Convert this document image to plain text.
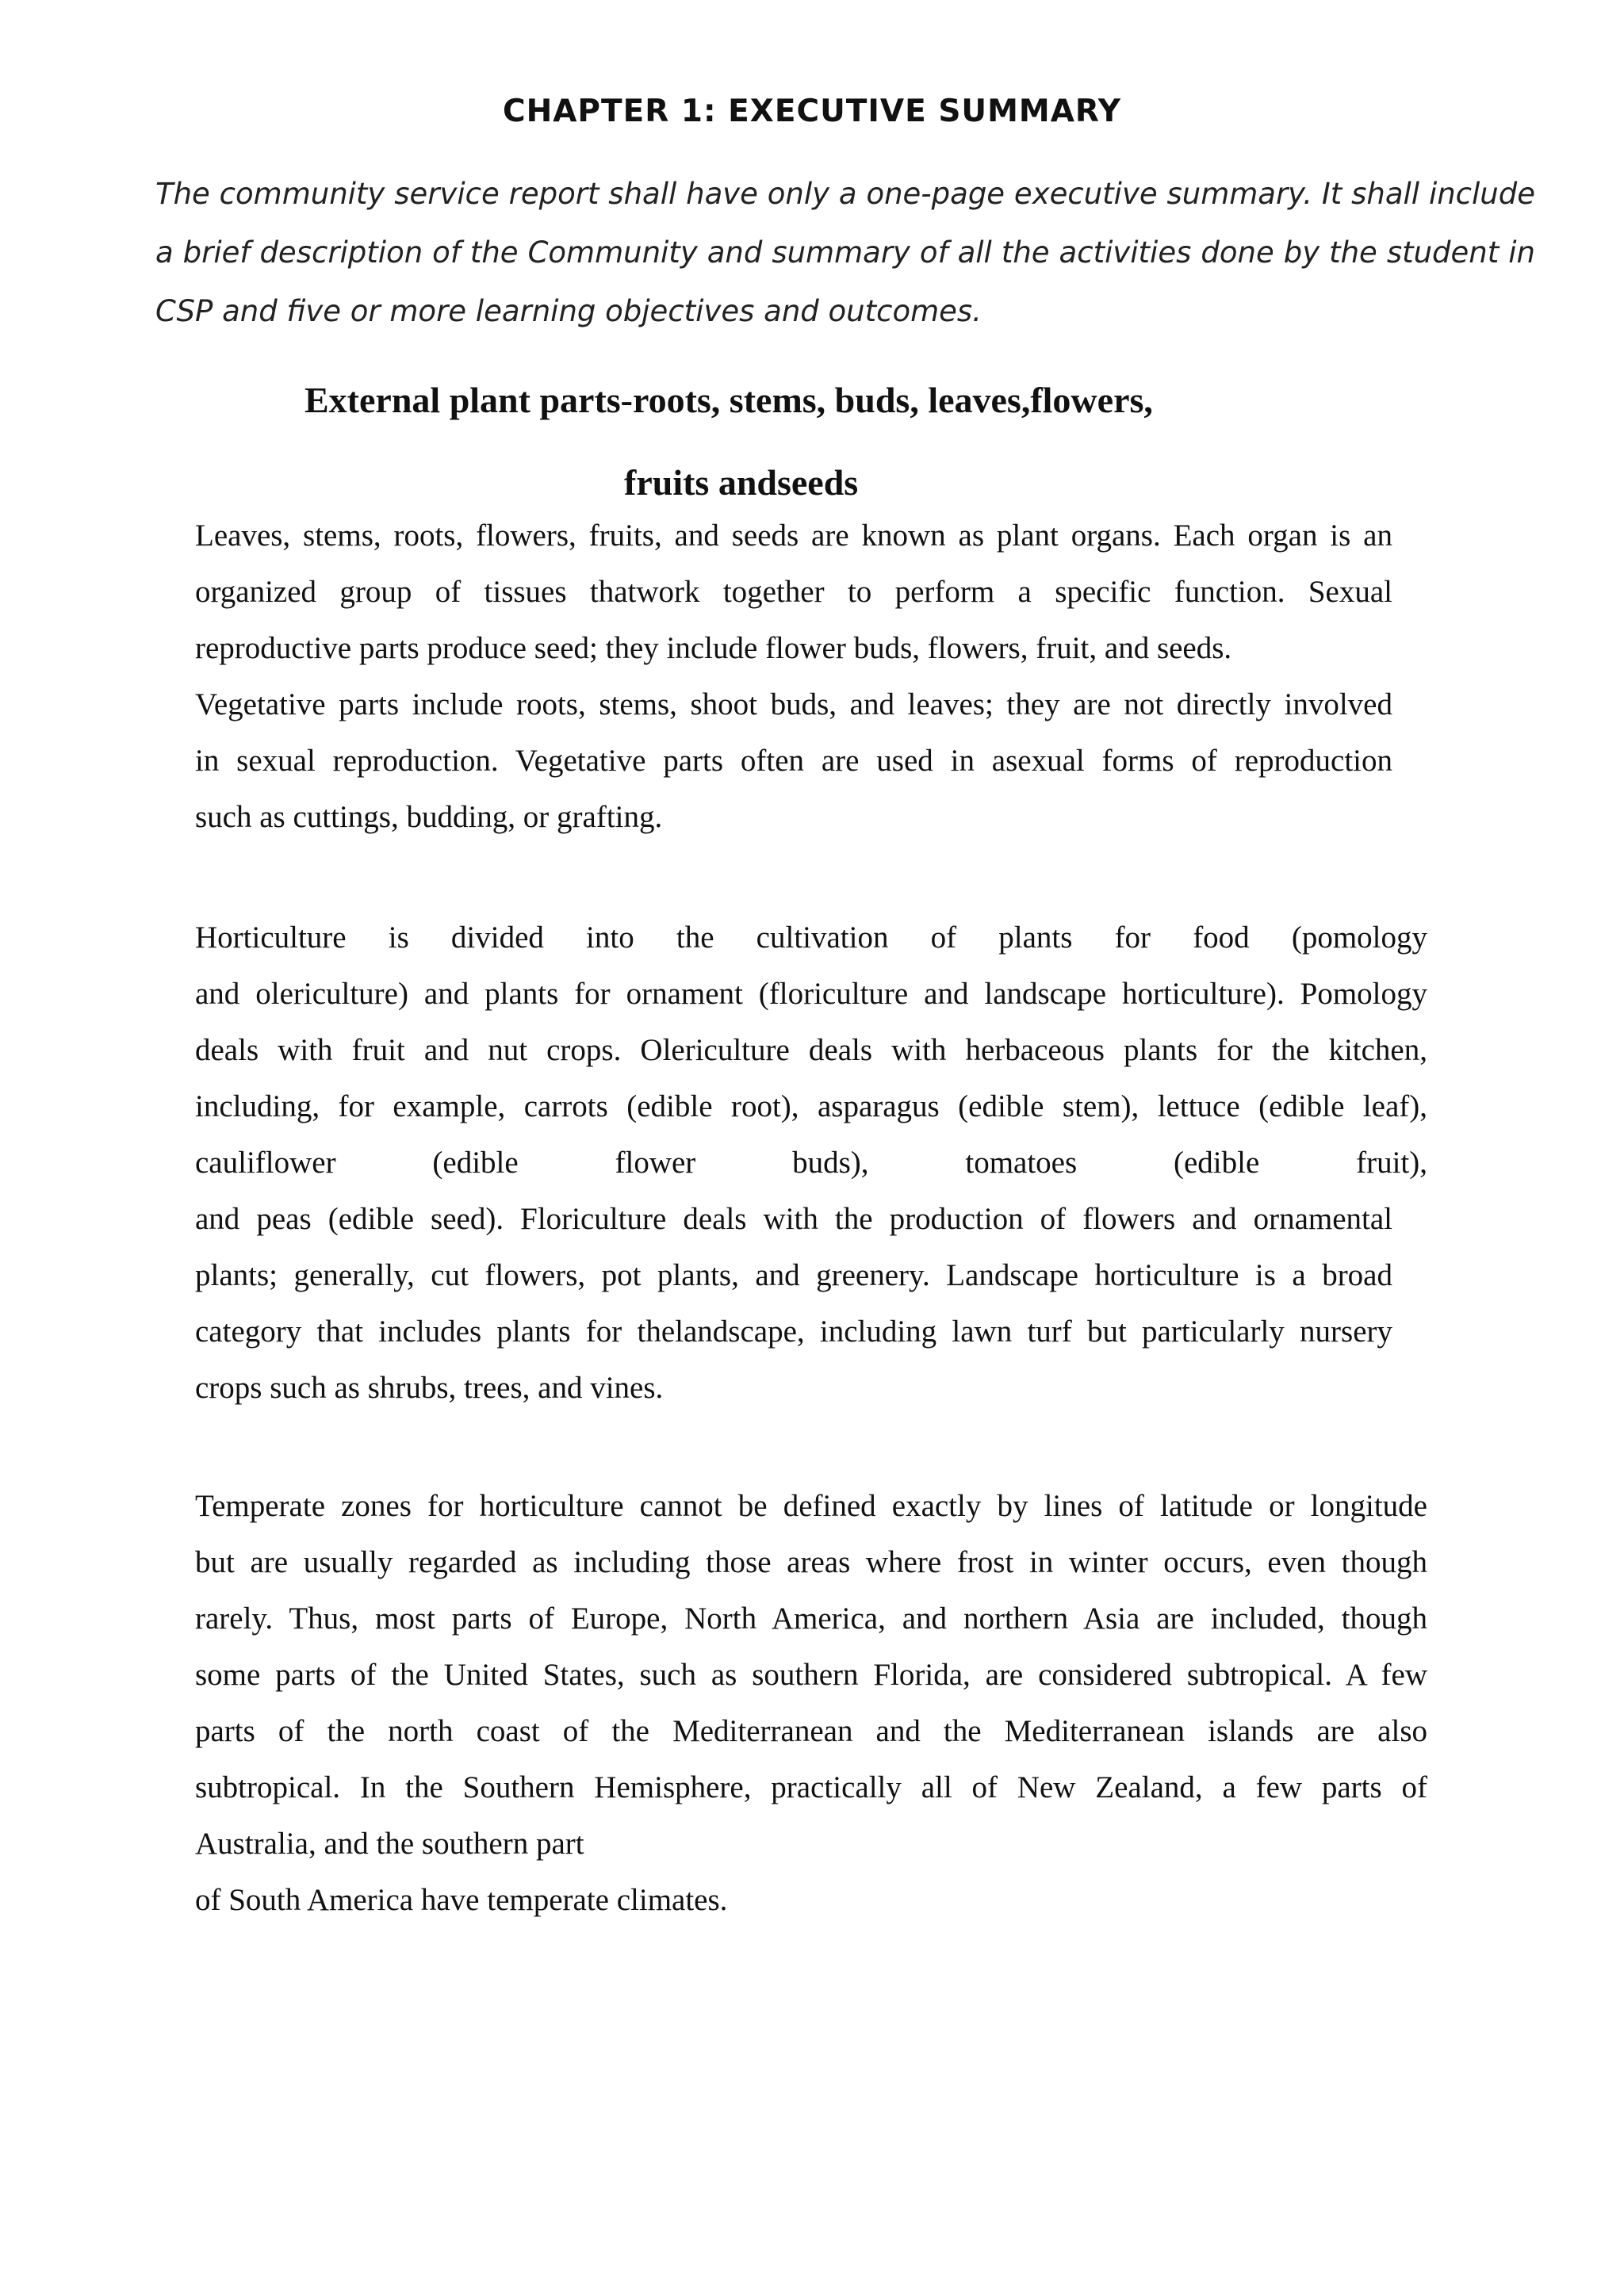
CHAPTER 1: EXECUTIVE SUMMARY
The community service report shall have only a one-page executive summary. It shall include a brief description of the Community and summary of all the activities done by the student in CSP and five or more learning objectives and outcomes.
External plant parts-roots, stems, buds, leaves,flowers,
fruits andseeds
Leaves, stems, roots, flowers, fruits, and seeds are known as plant organs. Each organ is an
organized group of tissues thatwork together to perform a specific function. Sexual
reproductive parts produce seed; they include flower buds, flowers, fruit, and seeds.
Vegetative parts include roots, stems, shoot buds, and leaves; they are not directly involved
in sexual reproduction. Vegetative parts often are used in asexual forms of reproduction
such as cuttings, budding, or grafting.
Horticulture is divided into the cultivation of plants for food (pomology
and olericulture) and plants for ornament (floriculture and landscape horticulture). Pomology
deals with fruit and nut crops. Olericulture deals with herbaceous plants for the kitchen,
including, for example, carrots (edible root), asparagus (edible stem), lettuce (edible leaf),
cauliflower (edible flower buds), tomatoes (edible fruit),
and peas (edible seed). Floriculture deals with the production of flowers and ornamental
plants; generally, cut flowers, pot plants, and greenery. Landscape horticulture is a broad
category that includes plants for thelandscape, including lawn turf but particularly nursery
crops such as shrubs, trees, and vines.
Temperate zones for horticulture cannot be defined exactly by lines of latitude or longitude
but are usually regarded as including those areas where frost in winter occurs, even though
rarely. Thus, most parts of Europe, North America, and northern Asia are included, though
some parts of the United States, such as southern Florida, are considered subtropical. A few
parts of the north coast of the Mediterranean and the Mediterranean islands are also
subtropical. In the Southern Hemisphere, practically all of New Zealand, a few parts of
Australia, and the southern part
of South America have temperate climates.
